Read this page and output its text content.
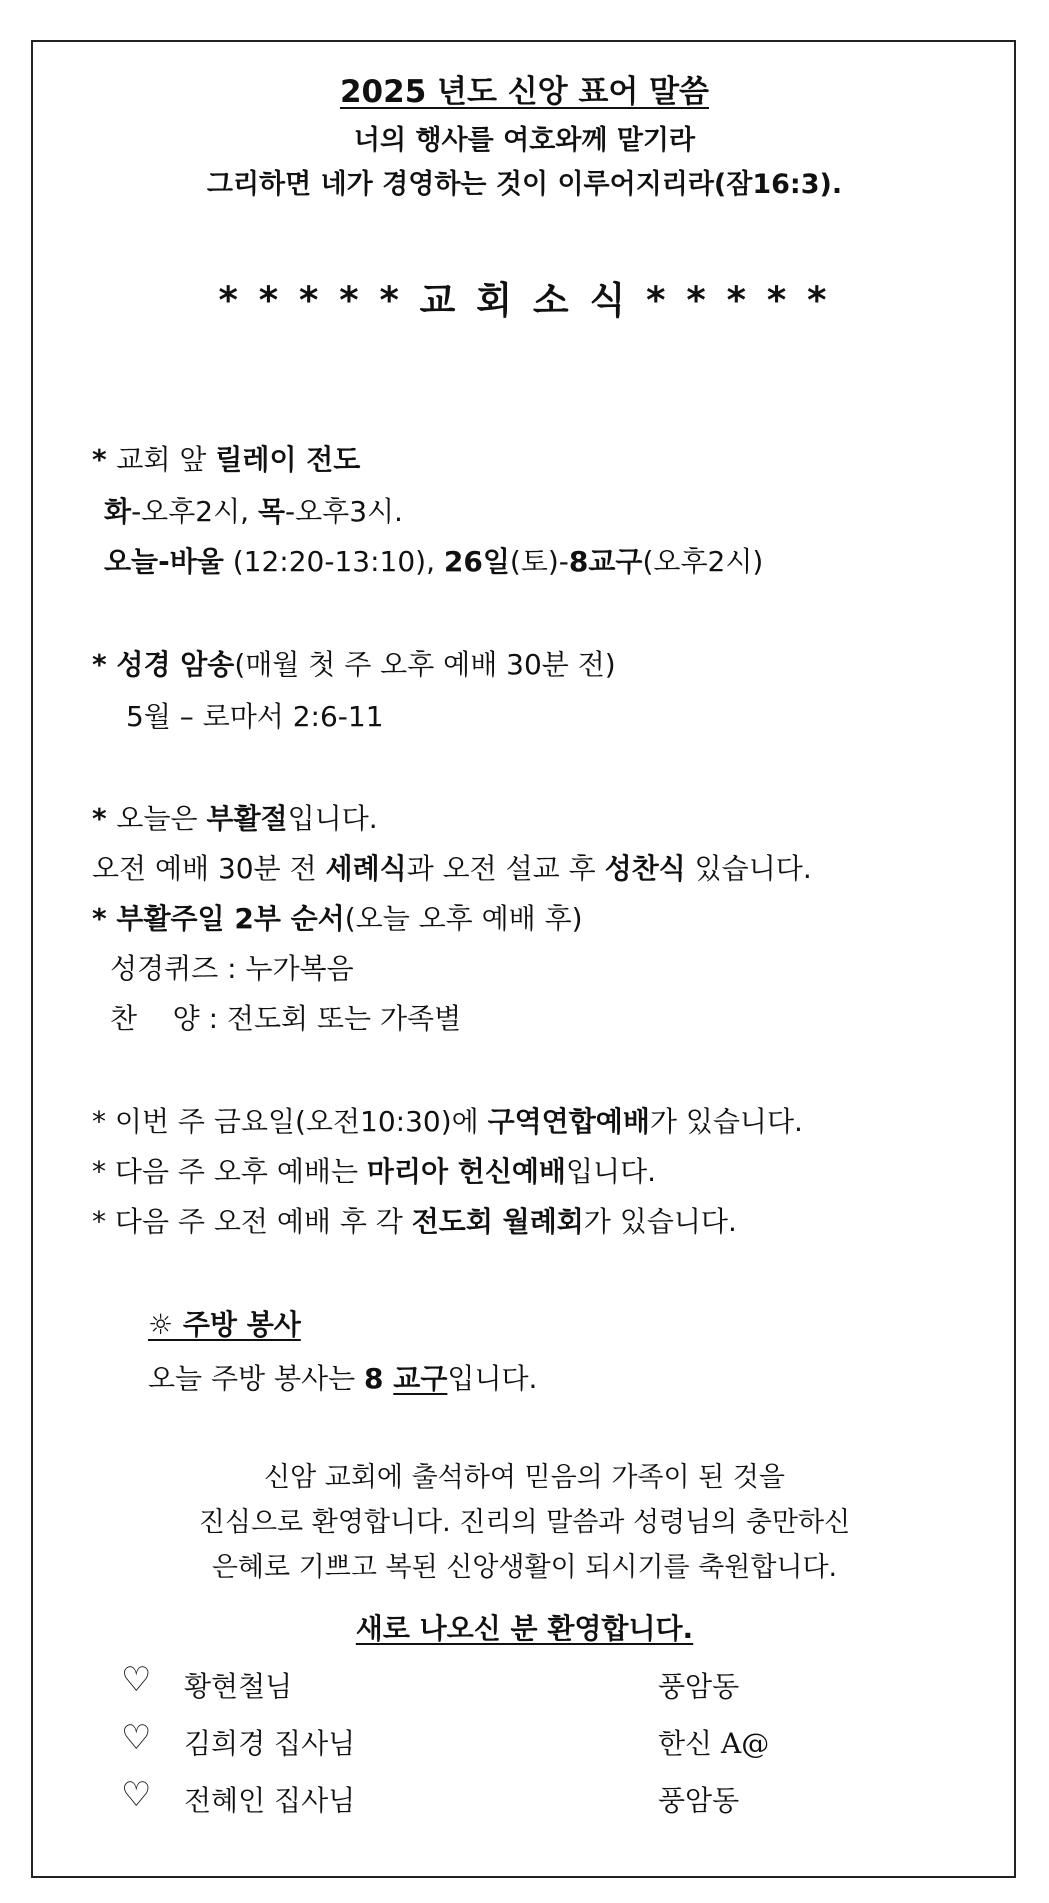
2025 년도 신앙 표어 말씀
너의 행사를 여호와께 맡기라
그리하면 네가 경영하는 것이 이루어지리라(잠16:3).
* * * * * 교 회 소 식 * * * * *
* 교회 앞 릴레이 전도
화-오후2시, 목-오후3시.
오늘-바울 (12:20-13:10), 26일(토)-8교구(오후2시)
* 성경 암송(매월 첫 주 오후 예배 30분 전)
5월 – 로마서 2:6-11
* 오늘은 부활절입니다.
오전 예배 30분 전 세례식과 오전 설교 후 성찬식 있습니다.
* 부활주일 2부 순서(오늘 오후 예배 후)
성경퀴즈 : 누가복음
찬    양 : 전도회 또는 가족별
* 이번 주 금요일(오전10:30)에 구역연합예배가 있습니다.
* 다음 주 오후 예배는 마리아 헌신예배입니다.
* 다음 주 오전 예배 후 각 전도회 월례회가 있습니다.
☼ 주방 봉사
오늘 주방 봉사는 8 교구입니다.
신암 교회에 출석하여 믿음의 가족이 된 것을
진심으로 환영합니다. 진리의 말씀과 성령님의 충만하신
은혜로 기쁘고 복된 신앙생활이 되시기를 축원합니다.
새로 나오신 분 환영합니다.
♡ 황현철님	풍암동
♡ 김희경 집사님	한신 A@
♡ 전혜인 집사님	풍암동
